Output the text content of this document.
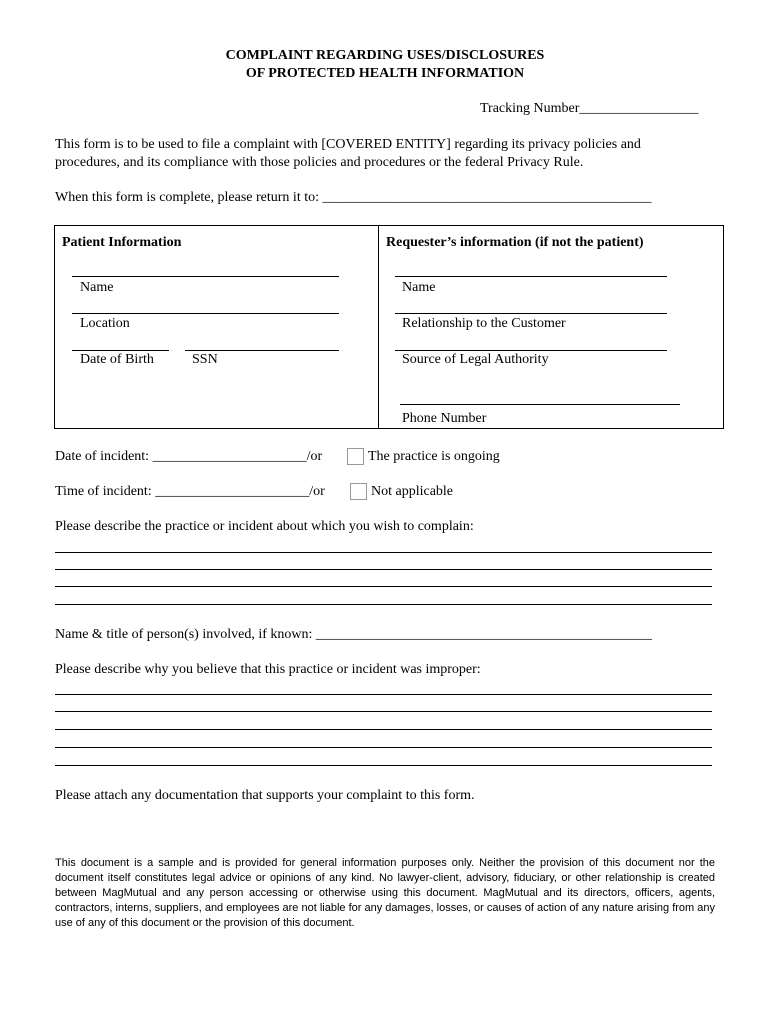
COMPLAINT REGARDING USES/DISCLOSURES
OF PROTECTED HEALTH INFORMATION
Tracking Number_________________
This form is to be used to file a complaint with [COVERED ENTITY] regarding its privacy policies and
procedures, and its compliance with those policies and procedures or the federal Privacy Rule.
When this form is complete, please return it to: _______________________________________________
Patient Information	Requester’s information (if not the patient)
Name
Location
Date of Birth	SSN
Name
Relationship to the Customer
Source of Legal Authority
Phone Number
Date of incident: ______________________/or	The practice is ongoing
Time of incident: ______________________/or	Not applicable
Please describe the practice or incident about which you wish to complain:
Name & title of person(s) involved, if known: ________________________________________________
Please describe why you believe that this practice or incident was improper:
Please attach any documentation that supports your complaint to this form.
This document is a sample and is provided for general information purposes only. Neither the provision of this document nor the document itself constitutes legal advice or opinions of any kind. No lawyer-client, advisory, fiduciary, or other relationship is created between MagMutual and any person accessing or otherwise using this document. MagMutual and its directors, officers, agents, contractors, interns, suppliers, and employees are not liable for any damages, losses, or causes of action of any nature arising from any use of any of this document or the provision of this document.
